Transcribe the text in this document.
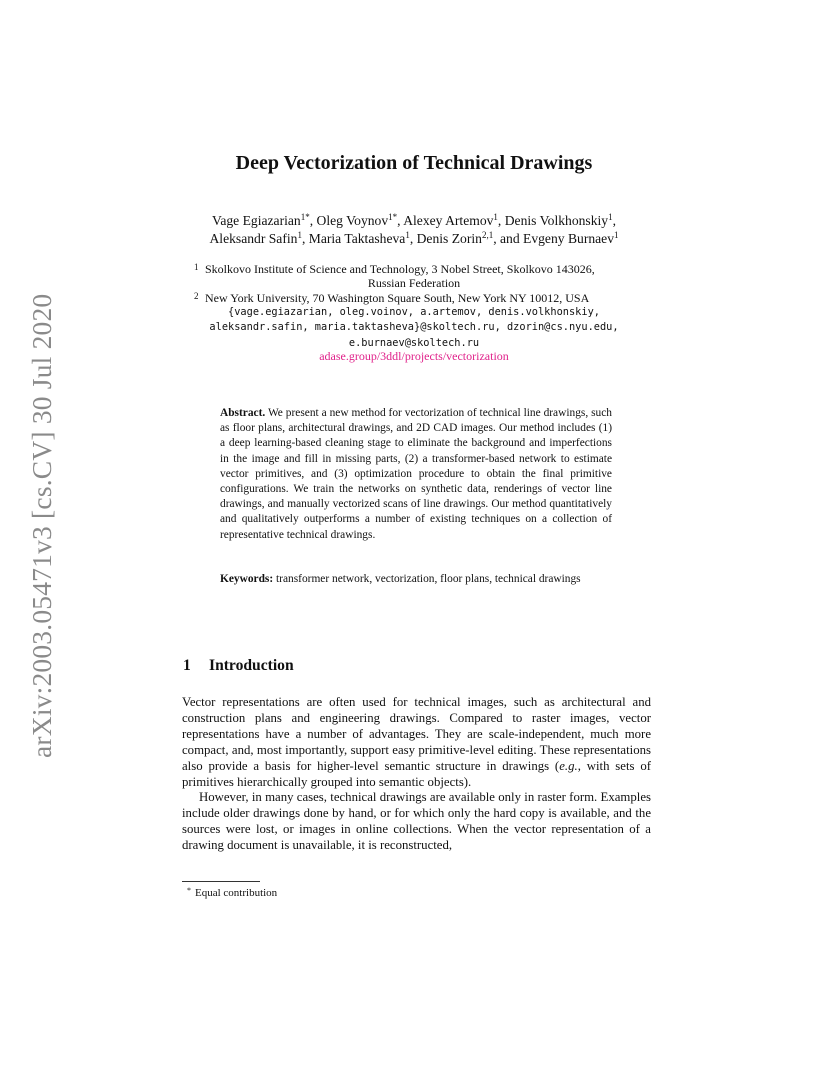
arXiv:2003.05471v3 [cs.CV] 30 Jul 2020
Deep Vectorization of Technical Drawings
Vage Egiazarian$^{1*}$, Oleg Voynov$^{1*}$, Alexey Artemov$^1$, Denis Volkhonskiy$^1$,
Aleksandr Safin$^1$, Maria Taktasheva$^1$, Denis Zorin$^{2,1}$, and Evgeny Burnaev$^1$
1 Skolkovo Institute of Science and Technology, 3 Nobel Street, Skolkovo 143026,
Russian Federation
2 New York University, 70 Washington Square South, New York NY 10012, USA
{vage.egiazarian, oleg.voinov, a.artemov, denis.volkhonskiy,
aleksandr.safin, maria.taktasheva}@skoltech.ru, dzorin@cs.nyu.edu,
e.burnaev@skoltech.ru
adase.group/3ddl/projects/vectorization
Abstract. We present a new method for vectorization of technical line drawings, such as floor plans, architectural drawings, and 2D CAD images. Our method includes (1) a deep learning-based cleaning stage to eliminate the background and imperfections in the image and fill in missing parts, (2) a transformer-based network to estimate vector primitives, and (3) optimization procedure to obtain the final primitive configurations. We train the networks on synthetic data, renderings of vector line drawings, and manually vectorized scans of line drawings. Our method quantitatively and qualitatively outperforms a number of existing techniques on a collection of representative technical drawings.
Keywords: transformer network, vectorization, floor plans, technical drawings
1 Introduction

Vector representations are often used for technical images, such as architectural and construction plans and engineering drawings. Compared to raster images, vector representations have a number of advantages. They are scale-independent, much more compact, and, most importantly, support easy primitive-level editing. These representations also provide a basis for higher-level semantic structure in drawings (e.g., with sets of primitives hierarchically grouped into semantic objects).

However, in many cases, technical drawings are available only in raster form. Examples include older drawings done by hand, or for which only the hard copy is available, and the sources were lost, or images in online collections. When the vector representation of a drawing document is unavailable, it is reconstructed,

* Equal contribution
